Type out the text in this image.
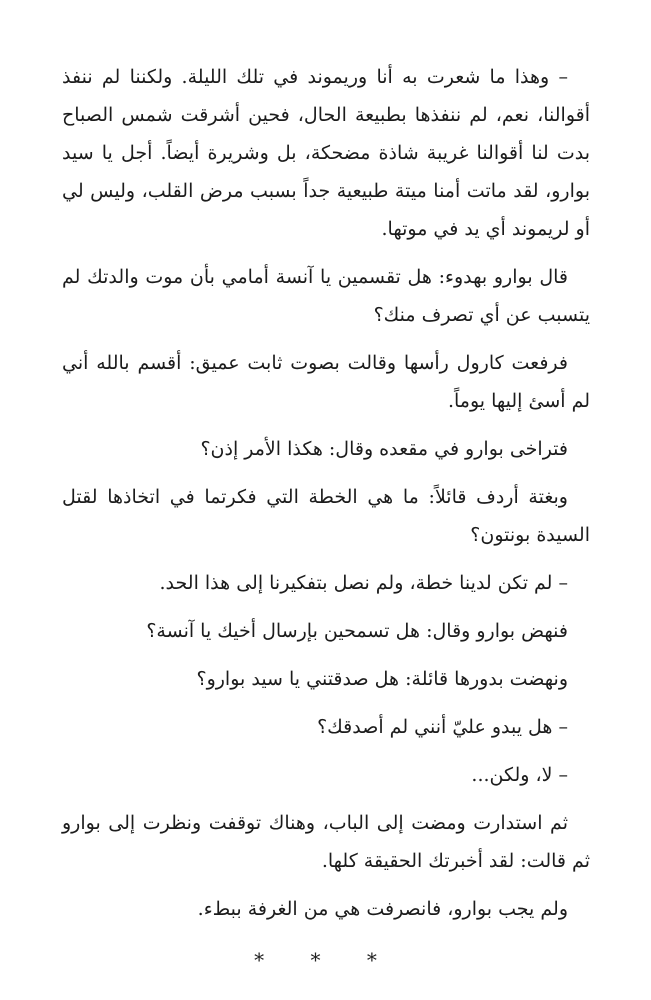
– وهذا ما شعرت به أنا وريموند في تلك الليلة. ولكننا لم ننفذ أقوالنا، نعم، لم ننفذها بطبيعة الحال، فحين أشرقت شمس الصباح بدت لنا أقوالنا غريبة شاذة مضحكة، بل وشريرة أيضاً. أجل يا سيد بوارو، لقد ماتت أمنا ميتة طبيعية جداً بسبب مرض القلب، وليس لي أو لريموند أي يد في موتها.

قال بوارو بهدوء: هل تقسمين يا آنسة أمامي بأن موت والدتك لم يتسبب عن أي تصرف منك؟

فرفعت كارول رأسها وقالت بصوت ثابت عميق: أقسم بالله أني لم أسئ إليها يوماً.

فتراخى بوارو في مقعده وقال: هكذا الأمر إذن؟

وبغتة أردف قائلاً: ما هي الخطة التي فكرتما في اتخاذها لقتل السيدة بونتون؟

– لم تكن لدينا خطة، ولم نصل بتفكيرنا إلى هذا الحد.

فنهض بوارو وقال: هل تسمحين بإرسال أخيك يا آنسة؟

ونهضت بدورها قائلة: هل صدقتني يا سيد بوارو؟

– هل يبدو عليّ أنني لم أصدقك؟

– لا، ولكن...

ثم استدارت ومضت إلى الباب، وهناك توقفت ونظرت إلى بوارو ثم قالت: لقد أخبرتك الحقيقة كلها.

ولم يجب بوارو، فانصرفت هي من الغرفة ببطء.

* * *
